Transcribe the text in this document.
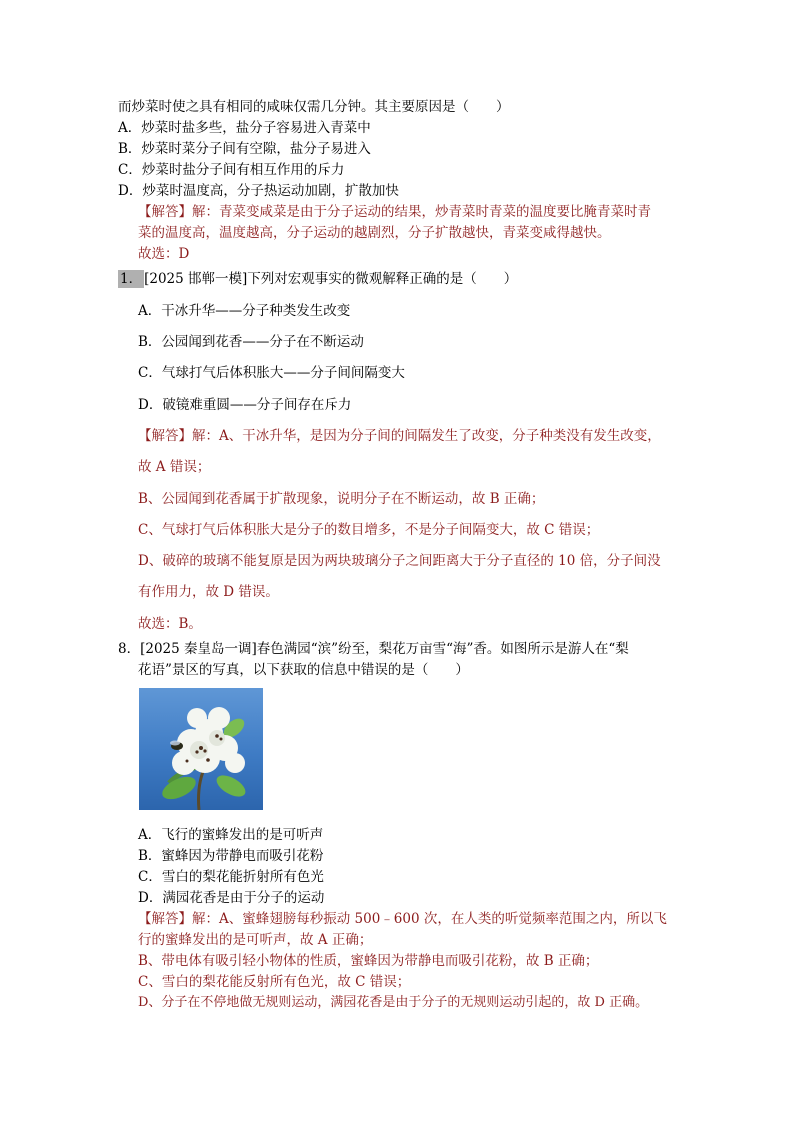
而炒菜时使之具有相同的咸味仅需几分钟。其主要原因是（　　）
A．炒菜时盐多些，盐分子容易进入青菜中
B．炒菜时菜分子间有空隙，盐分子易进入
C．炒菜时盐分子间有相互作用的斥力
D．炒菜时温度高，分子热运动加剧，扩散加快
【解答】解：青菜变咸菜是由于分子运动的结果，炒青菜时青菜的温度要比腌青菜时青
菜的温度高，温度越高，分子运动的越剧烈，分子扩散越快，青菜变咸得越快。
故选：D
1． [2025 邯郸一模]下列对宏观事实的微观解释正确的是（　　）
A．干冰升华——分子种类发生改变
B．公园闻到花香——分子在不断运动
C．气球打气后体积胀大——分子间间隔变大
D．破镜难重圆——分子间存在斥力
【解答】解：A、干冰升华，是因为分子间的间隔发生了改变，分子种类没有发生改变，
故 A 错误；
B、公园闻到花香属于扩散现象，说明分子在不断运动，故 B 正确；
C、气球打气后体积胀大是分子的数目增多，不是分子间隔变大，故 C 错误；
D、破碎的玻璃不能复原是因为两块玻璃分子之间距离大于分子直径的 10 倍，分子间没
有作用力，故 D 错误。
故选：B。
8．[2025 秦皇岛一调]春色满园“滨”纷至，梨花万亩雪“海”香。如图所示是游人在“梨
花语”景区的写真，以下获取的信息中错误的是（　　）
A．飞行的蜜蜂发出的是可听声
B．蜜蜂因为带静电而吸引花粉
C．雪白的梨花能折射所有色光
D．满园花香是由于分子的运动
【解答】解：A、蜜蜂翅膀每秒振动 500﹣600 次，在人类的听觉频率范围之内，所以飞
行的蜜蜂发出的是可听声，故 A 正确；
B、带电体有吸引轻小物体的性质，蜜蜂因为带静电而吸引花粉，故 B 正确；
C、雪白的梨花能反射所有色光，故 C 错误；
D、分子在不停地做无规则运动，满园花香是由于分子的无规则运动引起的，故 D 正确。
